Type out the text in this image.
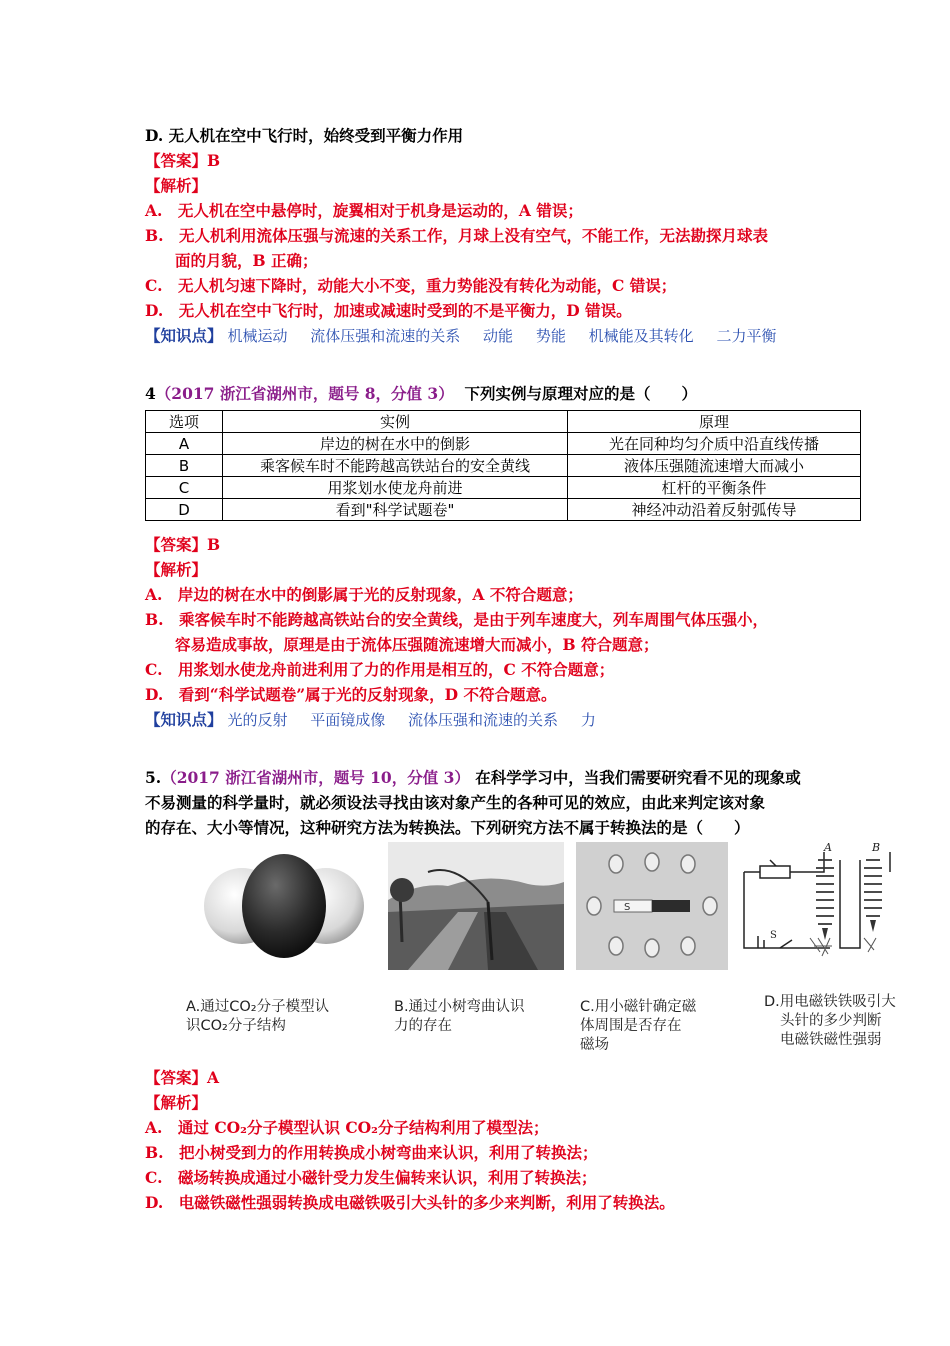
D. 无人机在空中飞行时，始终受到平衡力作用
【答案】B
【解析】
A.　无人机在空中悬停时，旋翼相对于机身是运动的，A 错误；
B.　无人机利用流体压强与流速的关系工作，月球上没有空气，不能工作，无法勘探月球表
面的月貌，B 正确；
C.　无人机匀速下降时，动能大小不变，重力势能没有转化为动能，C 错误；
D.　无人机在空中飞行时，加速或减速时受到的不是平衡力，D 错误。
【知识点】 机械运动 流体压强和流速的关系 动能 势能 机械能及其转化 二力平衡
4（2017 浙江省湖州市，题号 8，分值 3） 下列实例与原理对应的是（　　）
选项	实例	原理
A	岸边的树在水中的倒影	光在同种均匀介质中沿直线传播
B	乘客候车时不能跨越高铁站台的安全黄线	液体压强随流速增大而减小
C	用浆划水使龙舟前进	杠杆的平衡条件
D	看到"科学试题卷"	神经冲动沿着反射弧传导
【答案】B
【解析】
A.　岸边的树在水中的倒影属于光的反射现象，A 不符合题意；
B.　乘客候车时不能跨越高铁站台的安全黄线，是由于列车速度大，列车周围气体压强小，
容易造成事故，原理是由于流体压强随流速增大而减小，B 符合题意；
C.　用浆划水使龙舟前进利用了力的作用是相互的，C 不符合题意；
D.　看到“科学试题卷”属于光的反射现象，D 不符合题意。
【知识点】 光的反射 平面镜成像 流体压强和流速的关系 力
5.（2017 浙江省湖州市，题号 10，分值 3） 在科学学习中，当我们需要研究看不见的现象或
不易测量的科学量时，就必须设法寻找由该对象产生的各种可见的效应，由此来判定该对象
的存在、大小等情况，这种研究方法为转换法。下列研究方法不属于转换法的是（　　）
S
A	B
S
A.通过CO₂分子模型认
识CO₂分子结构
B.通过小树弯曲认识
力的存在
C.用小磁针确定磁
体周围是否存在
磁场
D.用电磁铁铁吸引大
头针的多少判断
电磁铁磁性强弱
【答案】A
【解析】
A.　通过 CO₂分子模型认识 CO₂分子结构利用了模型法；
B.　把小树受到力的作用转换成小树弯曲来认识，利用了转换法；
C.　磁场转换成通过小磁针受力发生偏转来认识，利用了转换法；
D.　电磁铁磁性强弱转换成电磁铁吸引大头针的多少来判断，利用了转换法。
